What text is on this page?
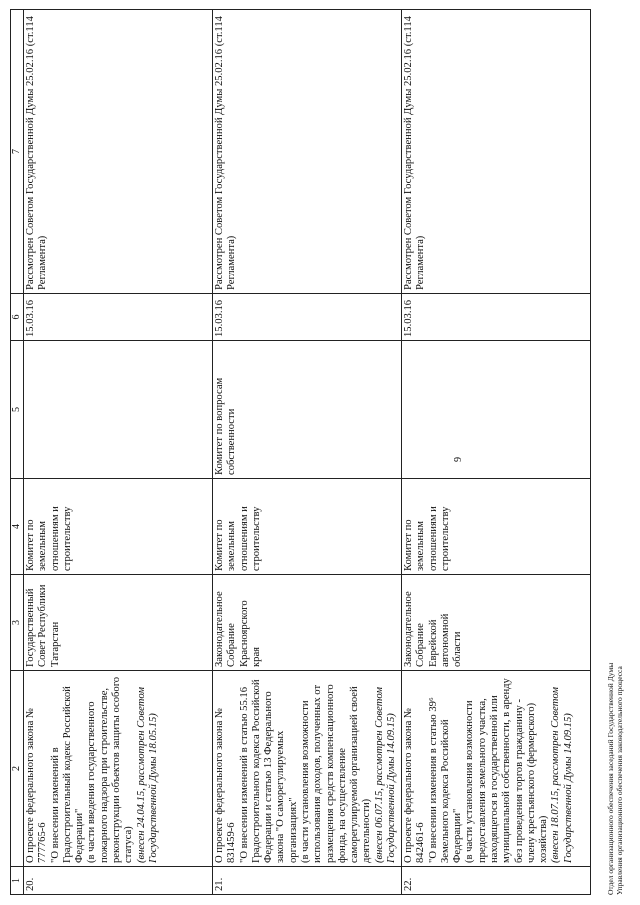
1	2	3	4	5	6	7
20.	О проекте федерального закона № 777765-6 "О внесении изменений в Градостроительный кодекс Российской Федерации" (в части введения государственного пожарного надзора при строительстве, реконструкции объектов защиты особого статуса) (внесен 24.04.15, рассмотрен Советом Государственной Думы 18.05.15)	Государственный Совет Республики Татарстан	Комитет по земельным отношениям и строительству		15.03.16	Рассмотрен Советом Государственной Думы 25.02.16 (ст.114 Регламента)
21.	О проекте федерального закона № 831459-6 "О внесении изменений в статью 55.16 Градостроительного кодекса Российской Федерации и статью 13 Федерального закона "О саморегулируемых организациях" (в части установления возможности использования доходов, полученных от размещения средств компенсационного фонда, на осуществление саморегулируемой организацией своей деятельности) (внесен 06.07.15, рассмотрен Советом Государственной Думы 14.09.15)	Законодательное Собрание Красноярского края	Комитет по земельным отношениям и строительству	Комитет по вопросам собственности	15.03.16	Рассмотрен Советом Государственной Думы 25.02.16 (ст.114 Регламента)
22.	О проекте федерального закона № 842461-6 "О внесении изменения в статью 39⁶ Земельного кодекса Российской Федерации" (в части установления возможности предоставления земельного участка, находящегося в государственной или муниципальной собственности, в аренду без проведения торгов гражданину - члену крестьянского (фермерского) хозяйства) (внесен 18.07.15, рассмотрен Советом Государственной Думы 14.09.15)	Законодательное Собрание Еврейской автономной области	Комитет по земельным отношениям и строительству		15.03.16	Рассмотрен Советом Государственной Думы 25.02.16 (ст.114 Регламента)
9
Отдел организационного обеспечения заседаний Государственной Думы Управления организационного обеспечения законодательного процесса
